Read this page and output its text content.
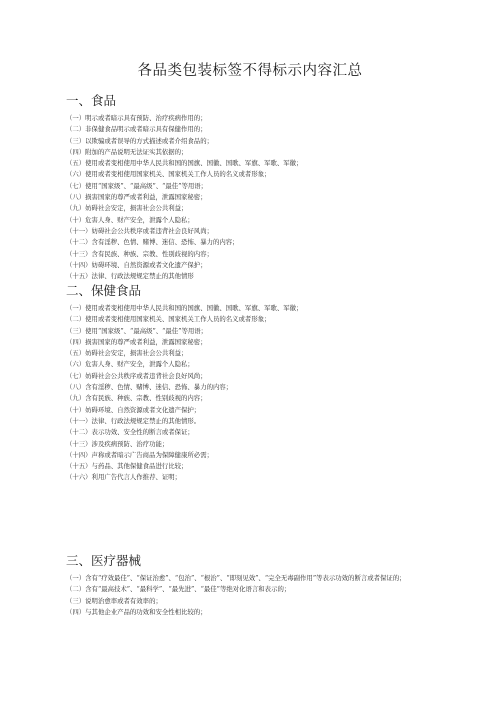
各品类包装标签不得标示内容汇总
一、食品
（一）明示或者暗示具有预防、治疗疾病作用的；
（二）非保健食品明示或者暗示具有保健作用的；
（三）以欺骗或者误导的方式描述或者介绍食品的；
（四）附加的产品说明无法证实其依据的；
（五）使用或者变相使用中华人民共和国的国旗、国徽、国歌、军旗、军歌、军徽；
（六）使用或者变相使用国家机关、国家机关工作人员的名义或者形象；
（七）使用“国家级”、“最高级”、“最佳”等用语；
（八）损害国家的尊严或者利益，泄露国家秘密；
（九）妨碍社会安定，损害社会公共利益；
（十）危害人身、财产安全，泄露个人隐私；
（十一）妨碍社会公共秩序或者违背社会良好风尚；
（十二）含有淫秽、色情、赌博、迷信、恐怖、暴力的内容；
（十三）含有民族、种族、宗教、性别歧视的内容；
（十四）妨碍环境、自然资源或者文化遗产保护；
（十五）法律、行政法规规定禁止的其他情形
二、保健食品
（一）使用或者变相使用中华人民共和国的国旗、国徽、国歌、军旗、军歌、军徽；
（二）使用或者变相使用国家机关、国家机关工作人员的名义或者形象；
（三）使用“国家级”、“最高级”、“最佳”等用语；
（四）损害国家的尊严或者利益，泄露国家秘密；
（五）妨碍社会安定，损害社会公共利益；
（六）危害人身、财产安全，泄露个人隐私；
（七）妨碍社会公共秩序或者违背社会良好风尚；
（八）含有淫秽、色情、赌博、迷信、恐怖、暴力的内容；
（九）含有民族、种族、宗教、性别歧视的内容；
（十）妨碍环境、自然资源或者文化遗产保护；
（十一）法律、行政法规规定禁止的其他情形。
（十二）表示功效、安全性的断言或者保证；
（十三）涉及疾病预防、治疗功能；
（十四）声称或者暗示广告商品为保障健康所必需；
（十五）与药品、其他保健食品进行比较；
（十六）利用广告代言人作推荐、证明；
三、医疗器械
（一）含有“疗效最佳”、“保证治愈”、“包治”、“根治”、“即刻见效”、“完全无毒副作用”等表示功效的断言或者保证的；
（二）含有“最高技术”、“最科学”、“最先进”、“最佳”等绝对化语言和表示的；
（三）说明治愈率或者有效率的；
（四）与其他企业产品的功效和安全性相比较的；
